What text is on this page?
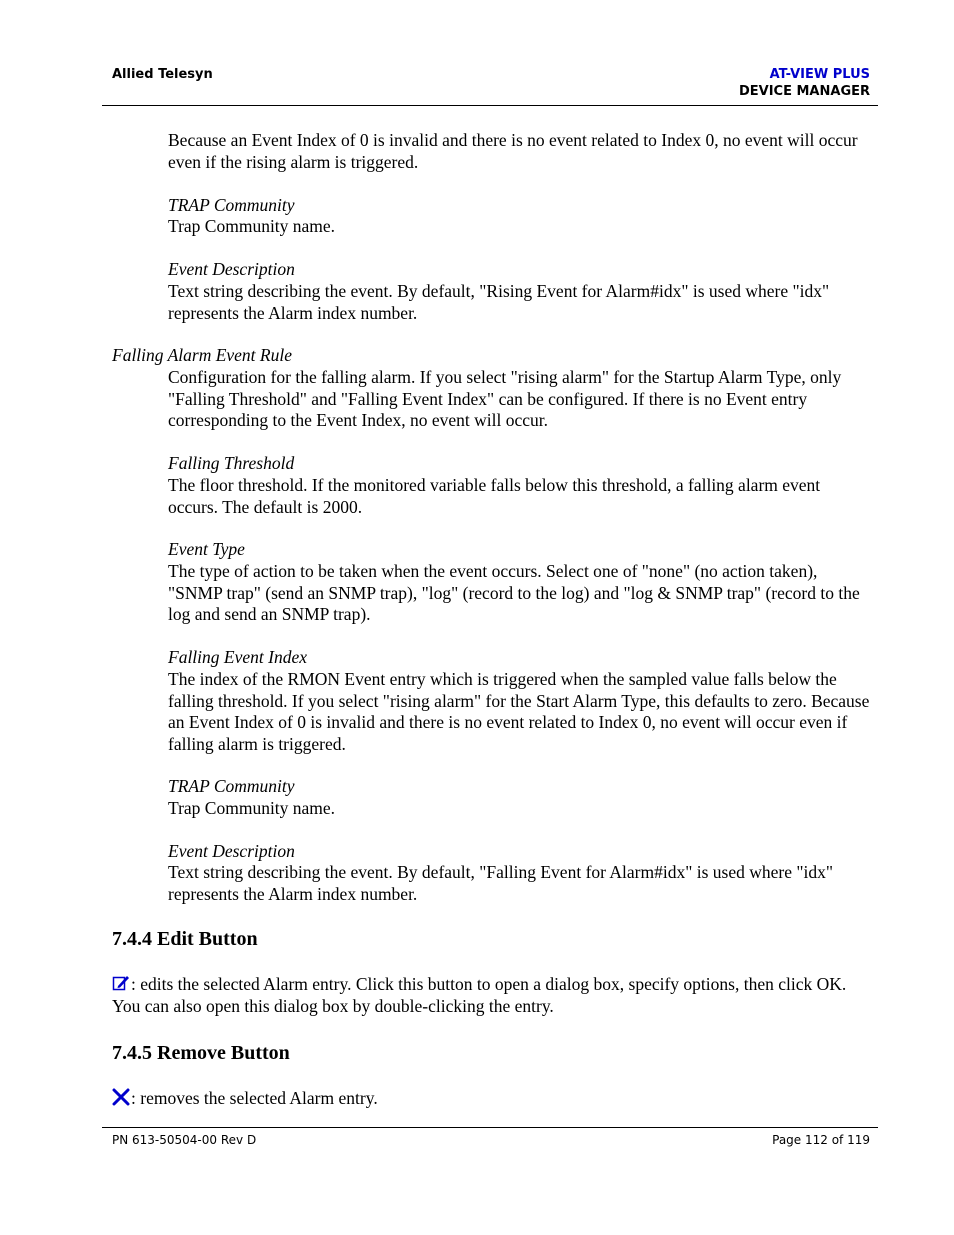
Allied Telesyn	AT-VIEW PLUS
DEVICE MANAGER

Because an Event Index of 0 is invalid and there is no event related to Index 0, no event will occur even if the rising alarm is triggered.

TRAP Community

Trap Community name.

Event Description

Text string describing the event. By default, "Rising Event for Alarm#idx" is used where "idx" represents the Alarm index number.

Falling Alarm Event Rule

Configuration for the falling alarm. If you select "rising alarm" for the Startup Alarm Type, only "Falling Threshold" and "Falling Event Index" can be configured. If there is no Event entry corresponding to the Event Index, no event will occur.

Falling Threshold

The floor threshold. If the monitored variable falls below this threshold, a falling alarm event occurs. The default is 2000.

Event Type

The type of action to be taken when the event occurs. Select one of "none" (no action taken), "SNMP trap" (send an SNMP trap), "log" (record to the log) and "log & SNMP trap" (record to the log and send an SNMP trap).

Falling Event Index

The index of the RMON Event entry which is triggered when the sampled value falls below the falling threshold. If you select "rising alarm" for the Start Alarm Type, this defaults to zero. Because an Event Index of 0 is invalid and there is no event related to Index 0, no event will occur even if falling alarm is triggered.

TRAP Community

Trap Community name.

Event Description

Text string describing the event. By default, "Falling Event for Alarm#idx" is used where "idx" represents the Alarm index number.

7.4.4 Edit Button

: edits the selected Alarm entry. Click this button to open a dialog box, specify options, then click OK. You can also open this dialog box by double-clicking the entry.

7.4.5 Remove Button

: removes the selected Alarm entry.

PN 613-50504-00 Rev D	Page 112 of 119
